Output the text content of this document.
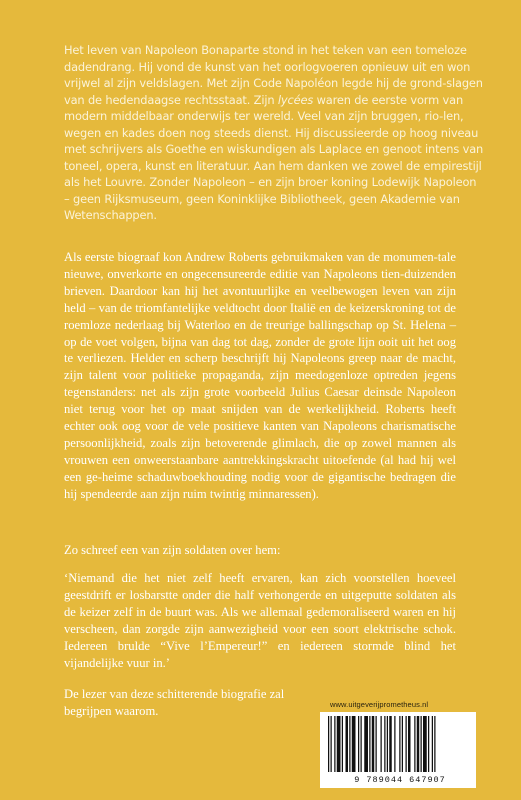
Het leven van Napoleon Bonaparte stond in het teken van een tomeloze dadendrang. Hij vond de kunst van het oorlogvoeren opnieuw uit en won vrijwel al zijn veldslagen. Met zijn Code Napoléon legde hij de grond-slagen van de hedendaagse rechtsstaat. Zijn lycées waren de eerste vorm van modern middelbaar onderwijs ter wereld. Veel van zijn bruggen, rio-len, wegen en kades doen nog steeds dienst. Hij discussieerde op hoog niveau met schrijvers als Goethe en wiskundigen als Laplace en genoot intens van toneel, opera, kunst en literatuur. Aan hem danken we zowel de empirestijl als het Louvre. Zonder Napoleon – en zijn broer koning Lodewijk Napoleon – geen Rijksmuseum, geen Koninklijke Bibliotheek, geen Akademie van Wetenschappen.

Als eerste biograaf kon Andrew Roberts gebruikmaken van de monumen-tale nieuwe, onverkorte en ongecensureerde editie van Napoleons tien-duizenden brieven. Daardoor kan hij het avontuurlijke en veelbewogen leven van zijn held – van de triomfantelijke veldtocht door Italië en de keizerskroning tot de roemloze nederlaag bij Waterloo en de treurige ballingschap op St. Helena – op de voet volgen, bijna van dag tot dag, zonder de grote lijn ooit uit het oog te verliezen. Helder en scherp beschrijft hij Napoleons greep naar de macht, zijn talent voor politieke propaganda, zijn meedogenloze optreden jegens tegenstanders: net als zijn grote voorbeeld Julius Caesar deinsde Napoleon niet terug voor het op maat snijden van de werkelijkheid. Roberts heeft echter ook oog voor de vele positieve kanten van Napoleons charismatische persoonlijkheid, zoals zijn betoverende glimlach, die op zowel mannen als vrouwen een onweerstaanbare aantrekkingskracht uitoefende (al had hij wel een ge-heime schaduwboekhouding nodig voor de gigantische bedragen die hij spendeerde aan zijn ruim twintig minnaressen).

Zo schreef een van zijn soldaten over hem:

‘Niemand die het niet zelf heeft ervaren, kan zich voorstellen hoeveel geestdrift er losbarstte onder die half verhongerde en uitgeputte soldaten als de keizer zelf in de buurt was. Als we allemaal gedemoraliseerd waren en hij verscheen, dan zorgde zijn aanwezigheid voor een soort elektrische schok. Iedereen brulde “Vive l’Empereur!” en iedereen stormde blind het vijandelijke vuur in.’

De lezer van deze schitterende biografie zal begrijpen waarom.	www.uitgeverijprometheus.nl
9 789044 647907
